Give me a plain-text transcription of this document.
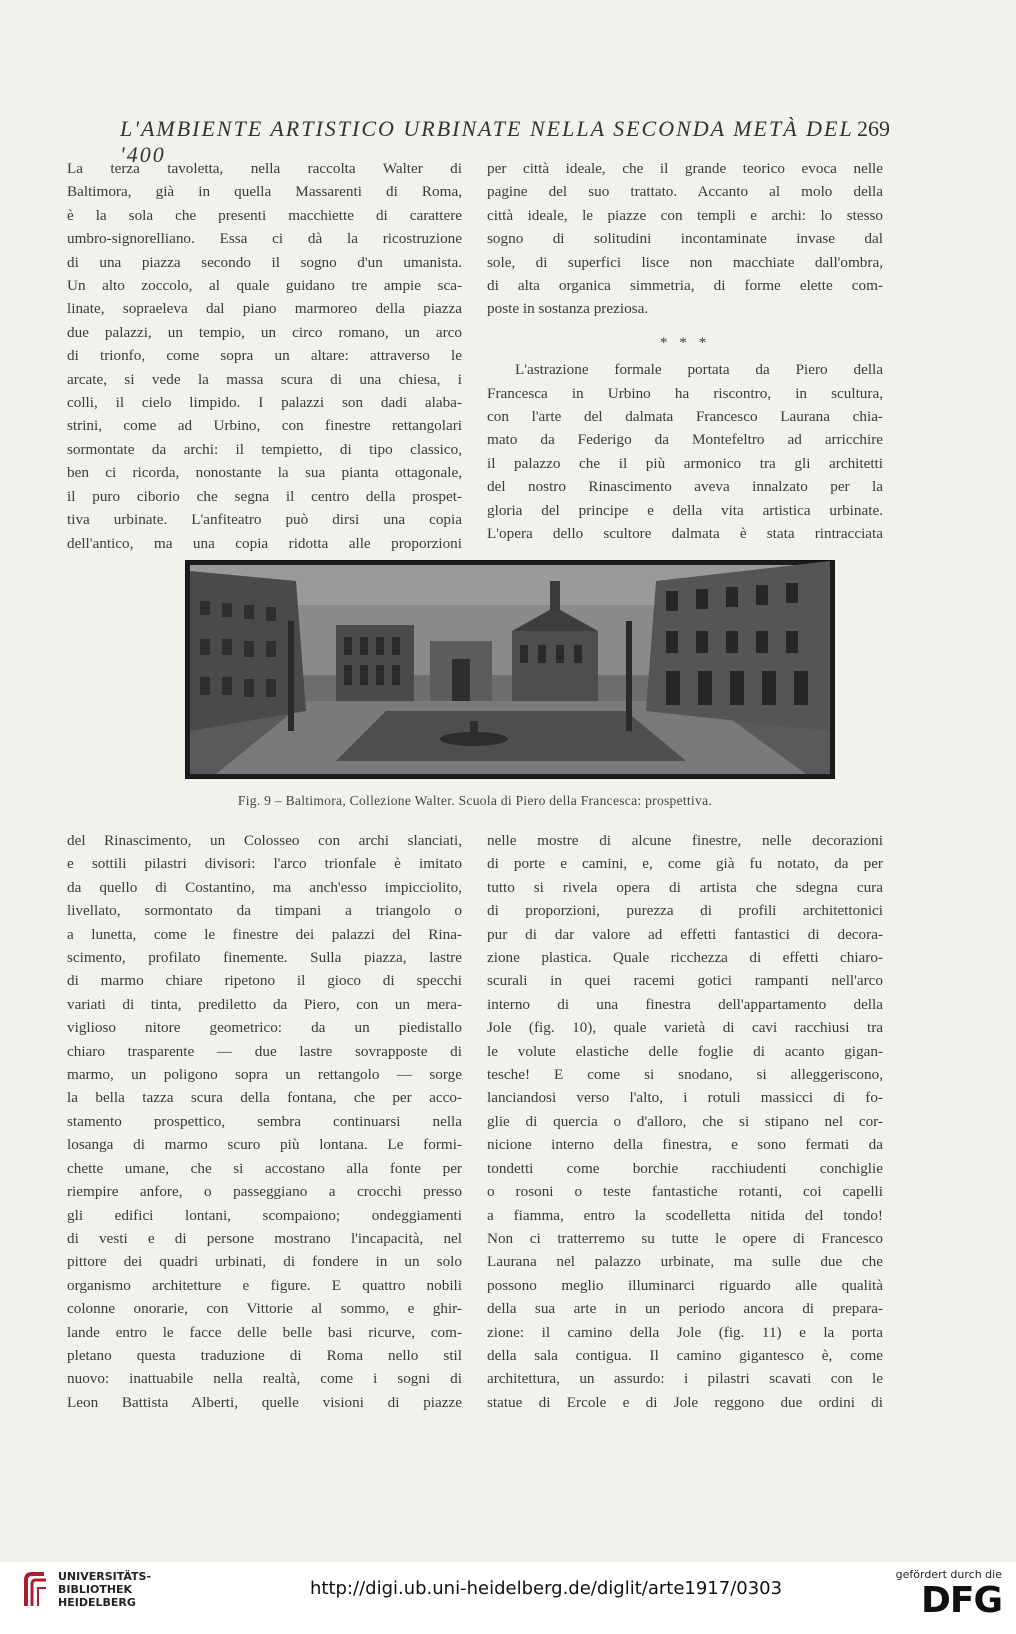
L'AMBIENTE ARTISTICO URBINATE NELLA SECONDA METÀ DEL '400
269

La terza tavoletta, nella raccolta Walter di

Baltimora, già in quella Massarenti di Roma,

è la sola che presenti macchiette di carattere

umbro-signorelliano. Essa ci dà la ricostruzione

di una piazza secondo il sogno d'un umanista.

Un alto zoccolo, al quale guidano tre ampie sca-

linate, sopraeleva dal piano marmoreo della piazza

due palazzi, un tempio, un circo romano, un arco

di trionfo, come sopra un altare: attraverso le

arcate, si vede la massa scura di una chiesa, i

colli, il cielo limpido. I palazzi son dadi alaba-

strini, come ad Urbino, con finestre rettangolari

sormontate da archi: il tempietto, di tipo classico,

ben ci ricorda, nonostante la sua pianta ottagonale,

il puro ciborio che segna il centro della prospet-

tiva urbinate. L'anfiteatro può dirsi una copia

dell'antico, ma una copia ridotta alle proporzioni

per città ideale, che il grande teorico evoca nelle

pagine del suo trattato. Accanto al molo della

città ideale, le piazze con templi e archi: lo stesso

sogno di solitudini incontaminate invase dal

sole, di superfici lisce non macchiate dall'ombra,

di alta organica simmetria, di forme elette com-

poste in sostanza preziosa.

* * *

L'astrazione formale portata da Piero della

Francesca in Urbino ha riscontro, in scultura,

con l'arte del dalmata Francesco Laurana chia-

mato da Federigo da Montefeltro ad arricchire

il palazzo che il più armonico tra gli architetti

del nostro Rinascimento aveva innalzato per la

gloria del principe e della vita artistica urbinate.

L'opera dello scultore dalmata è stata rintracciata

Fig. 9 – Baltimora, Collezione Walter. Scuola di Piero della Francesca: prospettiva.

del Rinascimento, un Colosseo con archi slanciati,

e sottili pilastri divisori: l'arco trionfale è imitato

da quello di Costantino, ma anch'esso impicciolito,

livellato, sormontato da timpani a triangolo o

a lunetta, come le finestre dei palazzi del Rina-

scimento, profilato finemente. Sulla piazza, lastre

di marmo chiare ripetono il gioco di specchi

variati di tinta, prediletto da Piero, con un mera-

viglioso nitore geometrico: da un piedistallo

chiaro trasparente — due lastre sovrapposte di

marmo, un poligono sopra un rettangolo — sorge

la bella tazza scura della fontana, che per acco-

stamento prospettico, sembra continuarsi nella

losanga di marmo scuro più lontana. Le formi-

chette umane, che si accostano alla fonte per

riempire anfore, o passeggiano a crocchi presso

gli edifici lontani, scompaiono; ondeggiamenti

di vesti e di persone mostrano l'incapacità, nel

pittore dei quadri urbinati, di fondere in un solo

organismo architetture e figure. E quattro nobili

colonne onorarie, con Vittorie al sommo, e ghir-

lande entro le facce delle belle basi ricurve, com-

pletano questa traduzione di Roma nello stil

nuovo: inattuabile nella realtà, come i sogni di

Leon Battista Alberti, quelle visioni di piazze

nelle mostre di alcune finestre, nelle decorazioni

di porte e camini, e, come già fu notato, da per

tutto si rivela opera di artista che sdegna cura

di proporzioni, purezza di profili architettonici

pur di dar valore ad effetti fantastici di decora-

zione plastica. Quale ricchezza di effetti chiaro-

scurali in quei racemi gotici rampanti nell'arco

interno di una finestra dell'appartamento della

Jole (fig. 10), quale varietà di cavi racchiusi tra

le volute elastiche delle foglie di acanto gigan-

tesche! E come si snodano, si alleggeriscono,

lanciandosi verso l'alto, i rotuli massicci di fo-

glie di quercia o d'alloro, che si stipano nel cor-

nicione interno della finestra, e sono fermati da

tondetti come borchie racchiudenti conchiglie

o rosoni o teste fantastiche rotanti, coi capelli

a fiamma, entro la scodelletta nitida del tondo!

Non ci tratterremo su tutte le opere di Francesco

Laurana nel palazzo urbinate, ma sulle due che

possono meglio illuminarci riguardo alle qualità

della sua arte in un periodo ancora di prepara-

zione: il camino della Jole (fig. 11) e la porta

della sala contigua. Il camino gigantesco è, come

architettura, un assurdo: i pilastri scavati con le

statue di Ercole e di Jole reggono due ordini di

UNIVERSITÄTS-
BIBLIOTHEK
HEIDELBERG
http://digi.ub.uni-heidelberg.de/diglit/arte1917/0303
gefördert durch die
DFG
